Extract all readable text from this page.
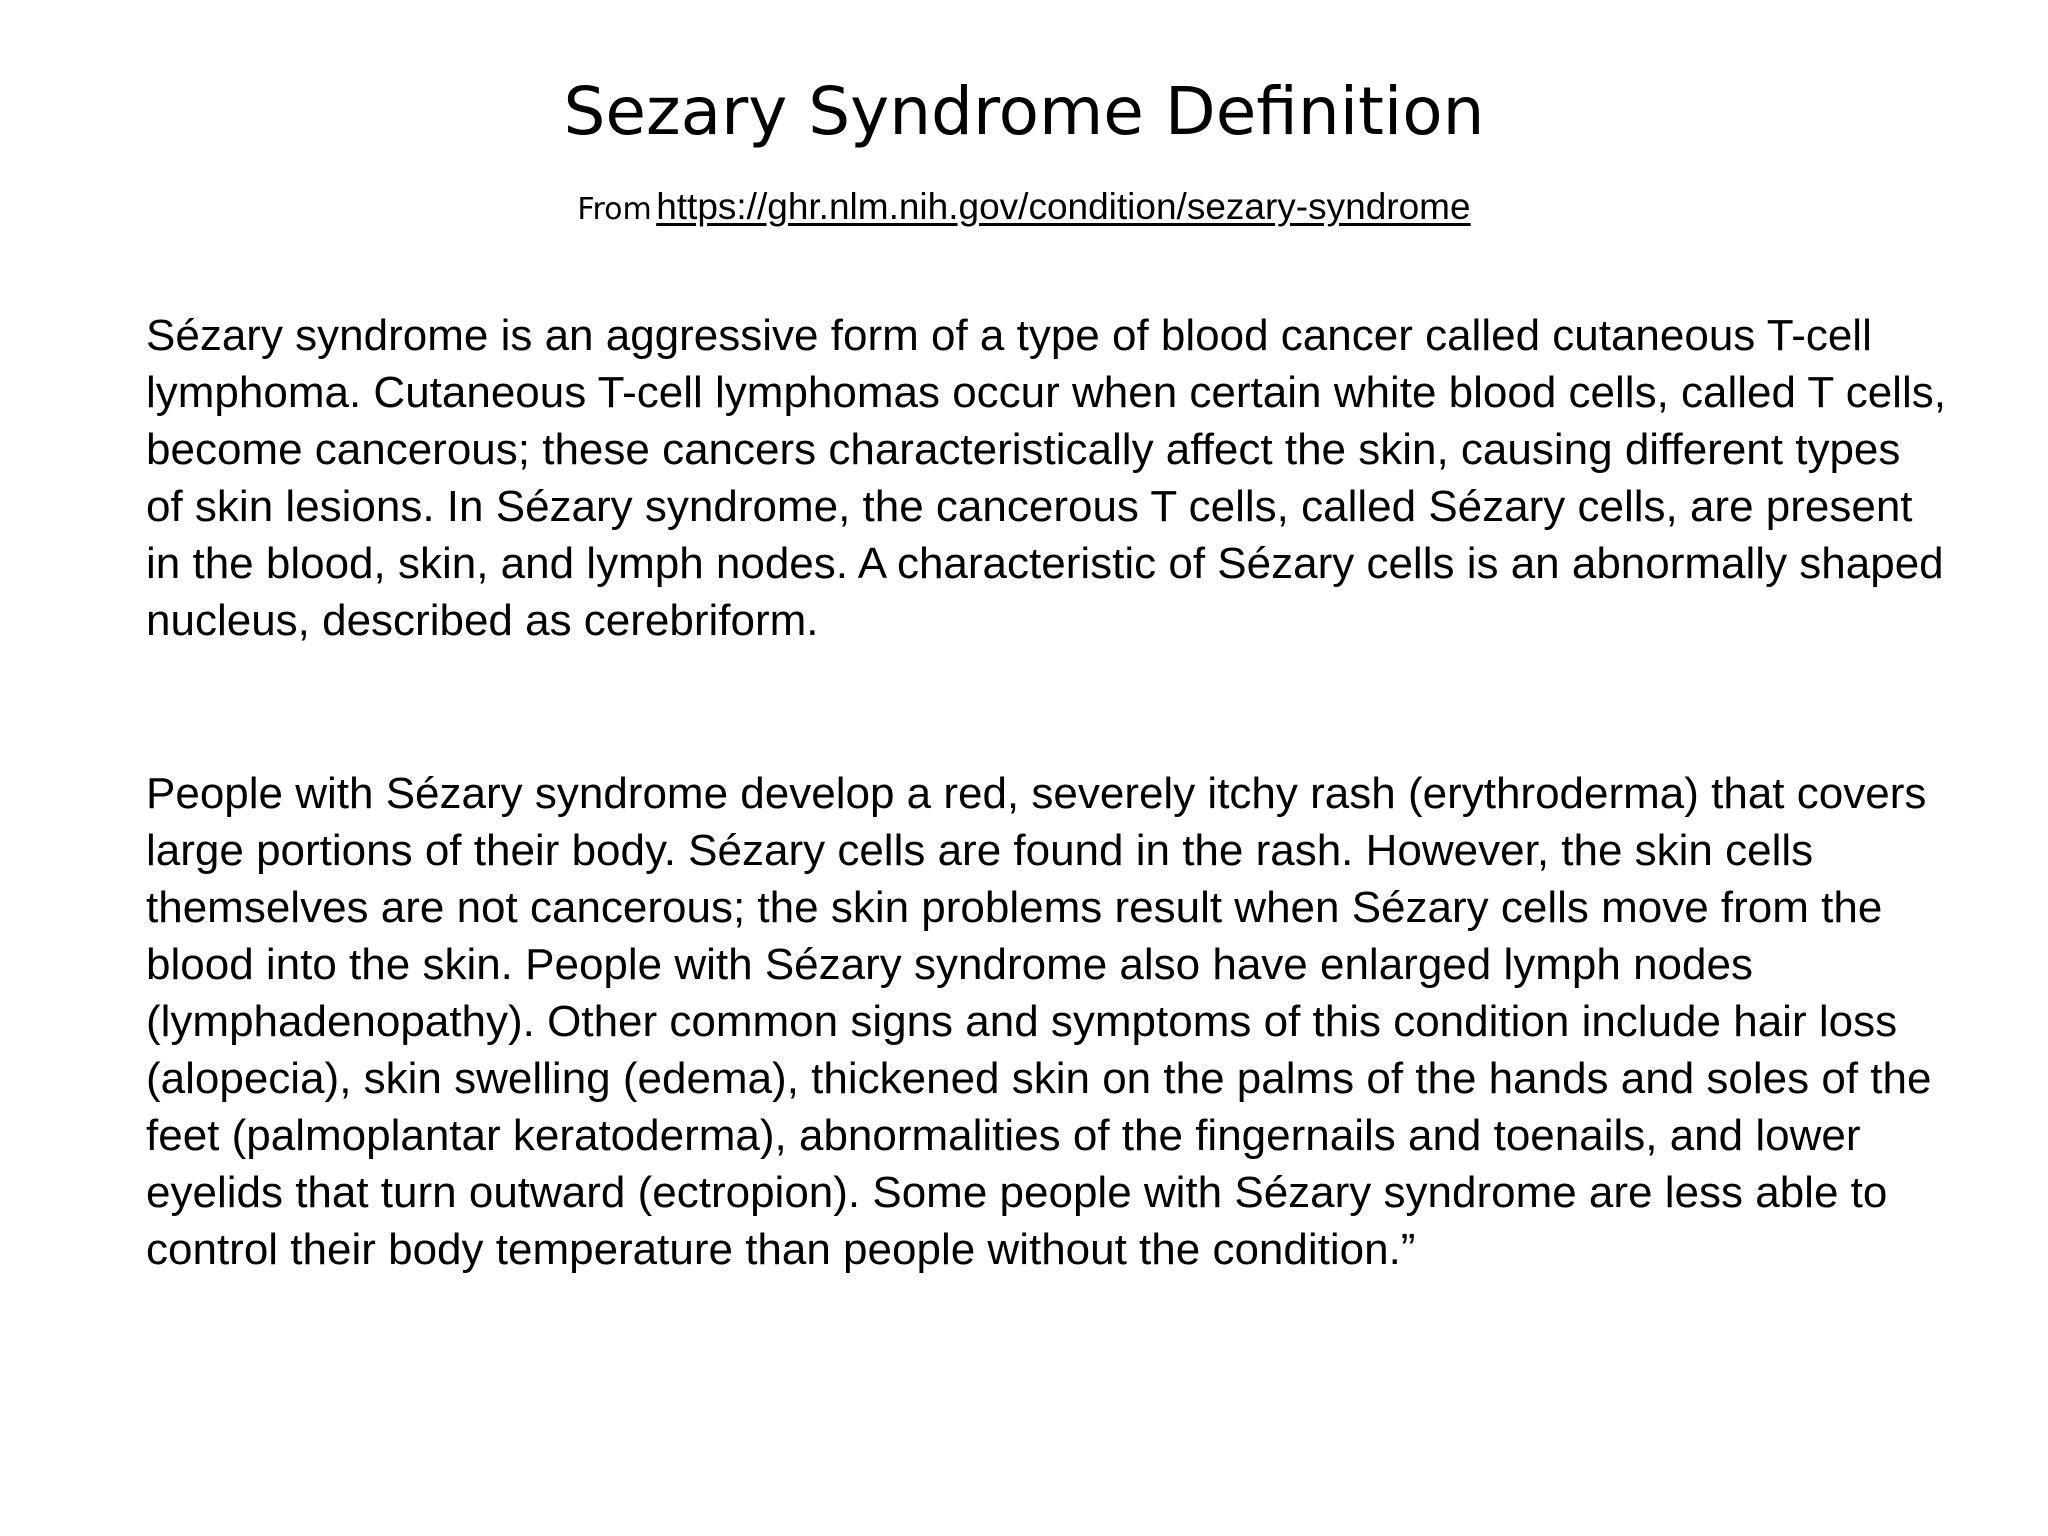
Sezary Syndrome Definition
From https://ghr.nlm.nih.gov/condition/sezary-syndrome

Sézary syndrome is an aggressive form of a type of blood cancer called cutaneous T-cell lymphoma. Cutaneous T-cell lymphomas occur when certain white blood cells, called T cells, become cancerous; these cancers characteristically affect the skin, causing different types of skin lesions. In Sézary syndrome, the cancerous T cells, called Sézary cells, are present in the blood, skin, and lymph nodes. A characteristic of Sézary cells is an abnormally shaped nucleus, described as cerebriform.

People with Sézary syndrome develop a red, severely itchy rash (erythroderma) that covers large portions of their body. Sézary cells are found in the rash. However, the skin cells themselves are not cancerous; the skin problems result when Sézary cells move from the blood into the skin. People with Sézary syndrome also have enlarged lymph nodes (lymphadenopathy). Other common signs and symptoms of this condition include hair loss (alopecia), skin swelling (edema), thickened skin on the palms of the hands and soles of the feet (palmoplantar keratoderma), abnormalities of the fingernails and toenails, and lower eyelids that turn outward (ectropion). Some people with Sézary syndrome are less able to control their body temperature than people without the condition.”
